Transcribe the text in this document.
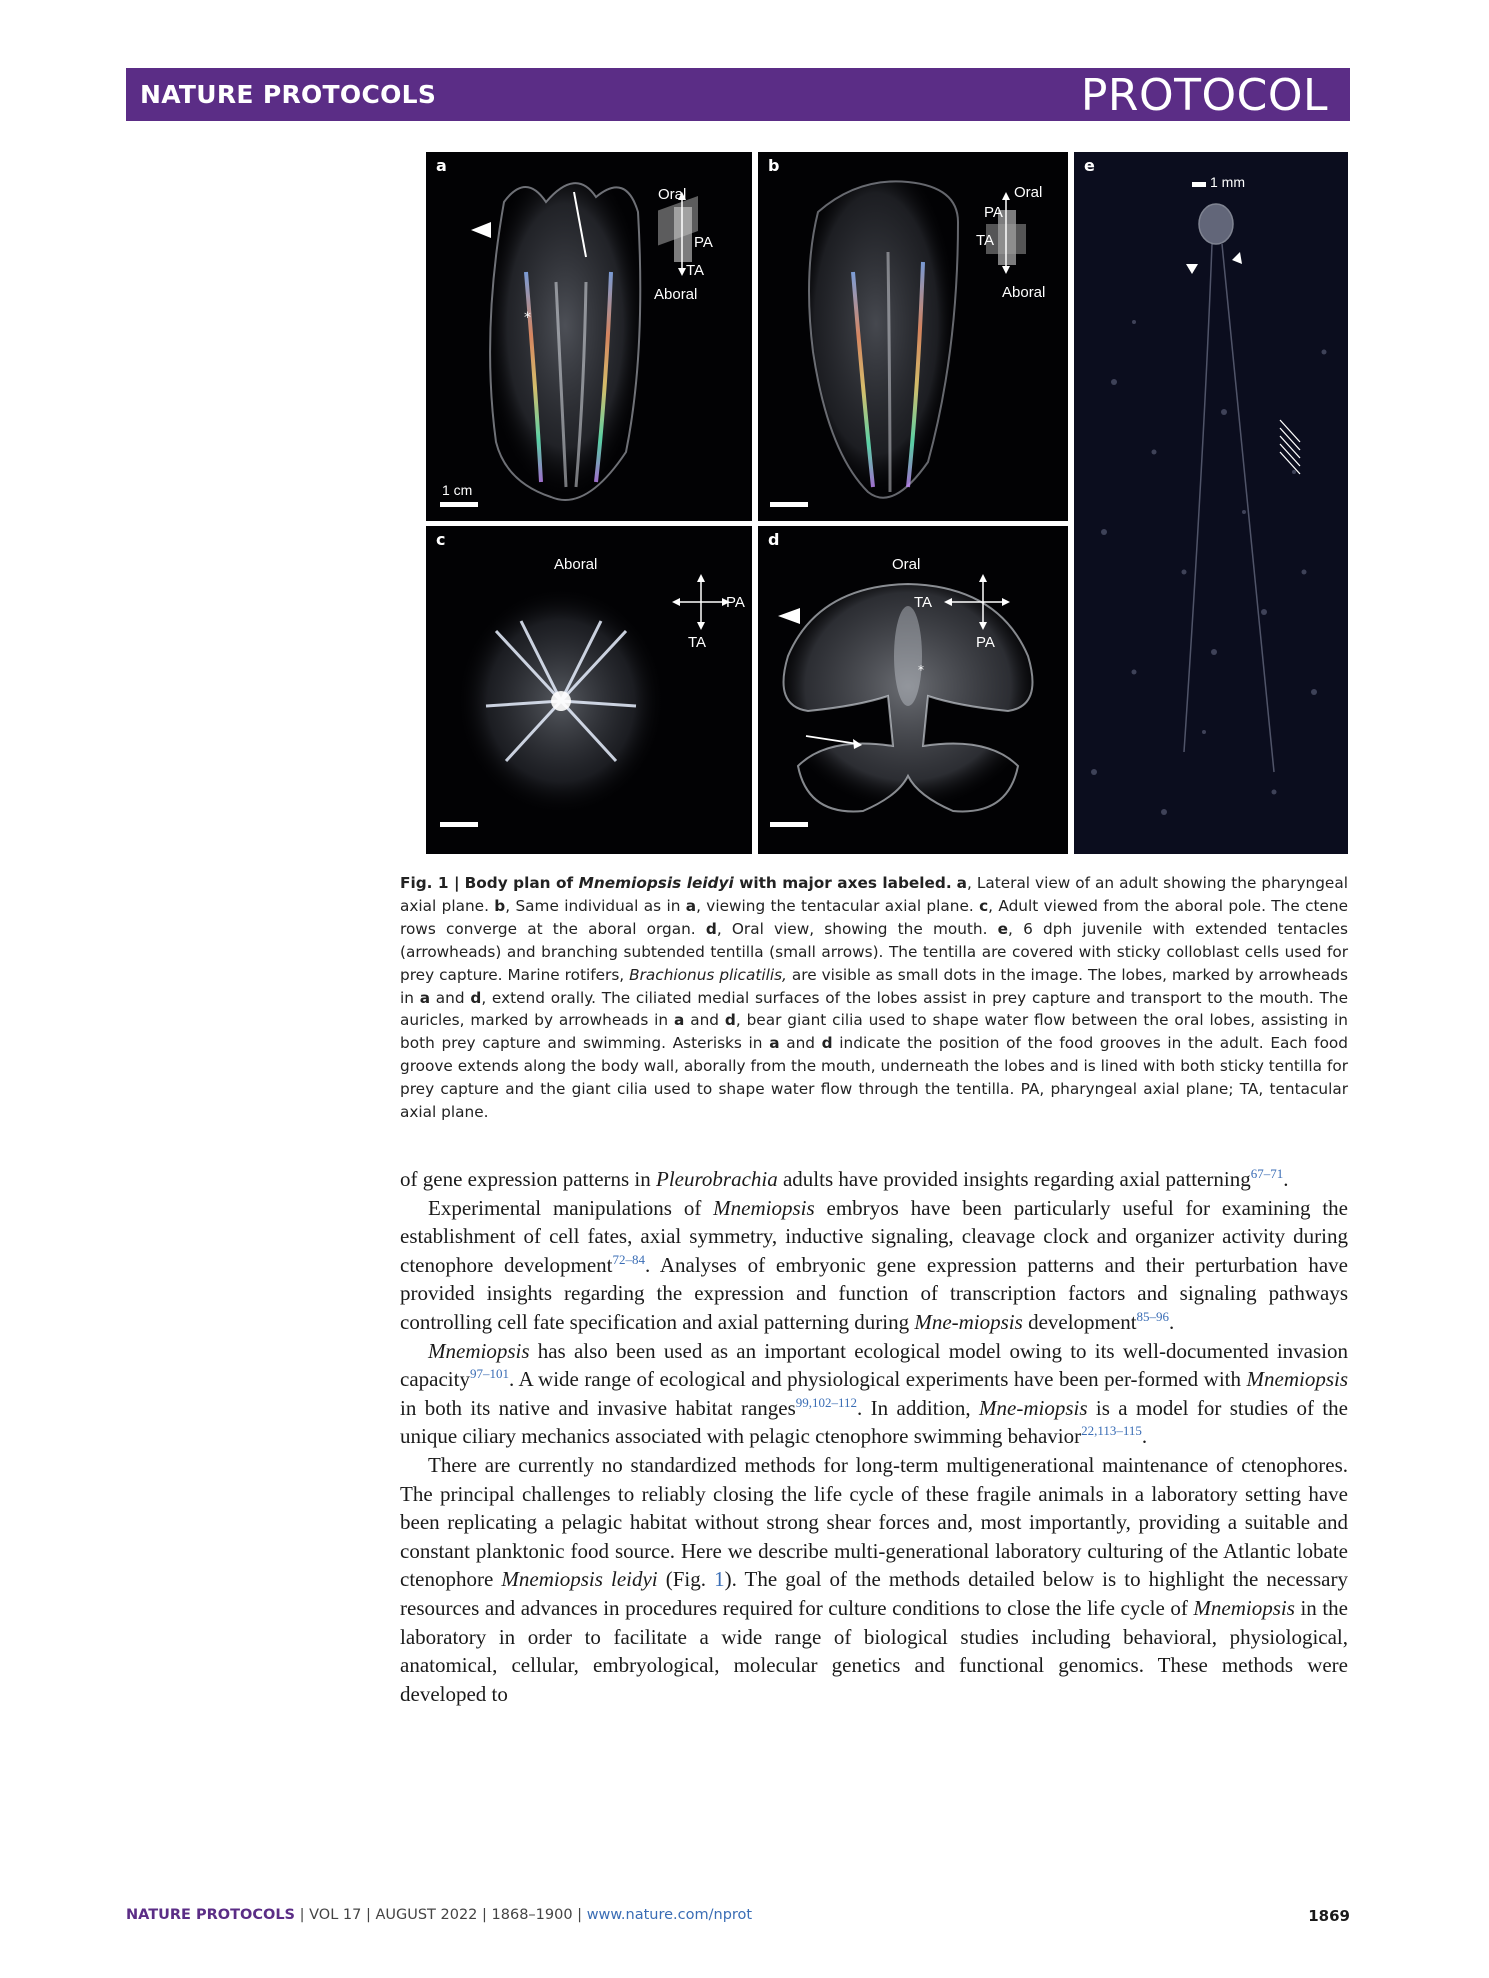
NATURE PROTOCOLS	PROTOCOL
*
a
Oral
PA
TA
Aboral
1 cm
b
Oral
PA
TA
Aboral
c
Aboral
PA
TA
*
d
Oral
TA
PA
e
1 mm
Fig. 1 | Body plan of Mnemiopsis leidyi with major axes labeled. a, Lateral view of an adult showing the pharyngeal axial plane. b, Same individual as in a, viewing the tentacular axial plane. c, Adult viewed from the aboral pole. The ctene rows converge at the aboral organ. d, Oral view, showing the mouth. e, 6 dph juvenile with extended tentacles (arrowheads) and branching subtended tentilla (small arrows). The tentilla are covered with sticky colloblast cells used for prey capture. Marine rotifers, Brachionus plicatilis, are visible as small dots in the image. The lobes, marked by arrowheads in a and d, extend orally. The ciliated medial surfaces of the lobes assist in prey capture and transport to the mouth. The auricles, marked by arrowheads in a and d, bear giant cilia used to shape water flow between the oral lobes, assisting in both prey capture and swimming. Asterisks in a and d indicate the position of the food grooves in the adult. Each food groove extends along the body wall, aborally from the mouth, underneath the lobes and is lined with both sticky tentilla for prey capture and the giant cilia used to shape water flow through the tentilla. PA, pharyngeal axial plane; TA, tentacular axial plane.

of gene expression patterns in Pleurobrachia adults have provided insights regarding axial patterning$^{67-71}$.

Experimental manipulations of Mnemiopsis embryos have been particularly useful for examining the establishment of cell fates, axial symmetry, inductive signaling, cleavage clock and organizer activity during ctenophore development$^{72-84}$. Analyses of embryonic gene expression patterns and their perturbation have provided insights regarding the expression and function of transcription factors and signaling pathways controlling cell fate specification and axial patterning during Mne-miopsis development$^{85-96}$.

Mnemiopsis has also been used as an important ecological model owing to its well-documented invasion capacity$^{97-101}$. A wide range of ecological and physiological experiments have been per-formed with Mnemiopsis in both its native and invasive habitat ranges$^{99,102-112}$. In addition, Mne-miopsis is a model for studies of the unique ciliary mechanics associated with pelagic ctenophore swimming behavior$^{22,113-115}$.

There are currently no standardized methods for long-term multigenerational maintenance of ctenophores. The principal challenges to reliably closing the life cycle of these fragile animals in a laboratory setting have been replicating a pelagic habitat without strong shear forces and, most importantly, providing a suitable and constant planktonic food source. Here we describe multi-generational laboratory culturing of the Atlantic lobate ctenophore Mnemiopsis leidyi (Fig. 1). The goal of the methods detailed below is to highlight the necessary resources and advances in procedures required for culture conditions to close the life cycle of Mnemiopsis in the laboratory in order to facilitate a wide range of biological studies including behavioral, physiological, anatomical, cellular, embryological, molecular genetics and functional genomics. These methods were developed to

NATURE PROTOCOLS | VOL 17 | AUGUST 2022 | 1868–1900 | www.nature.com/nprot	1869
